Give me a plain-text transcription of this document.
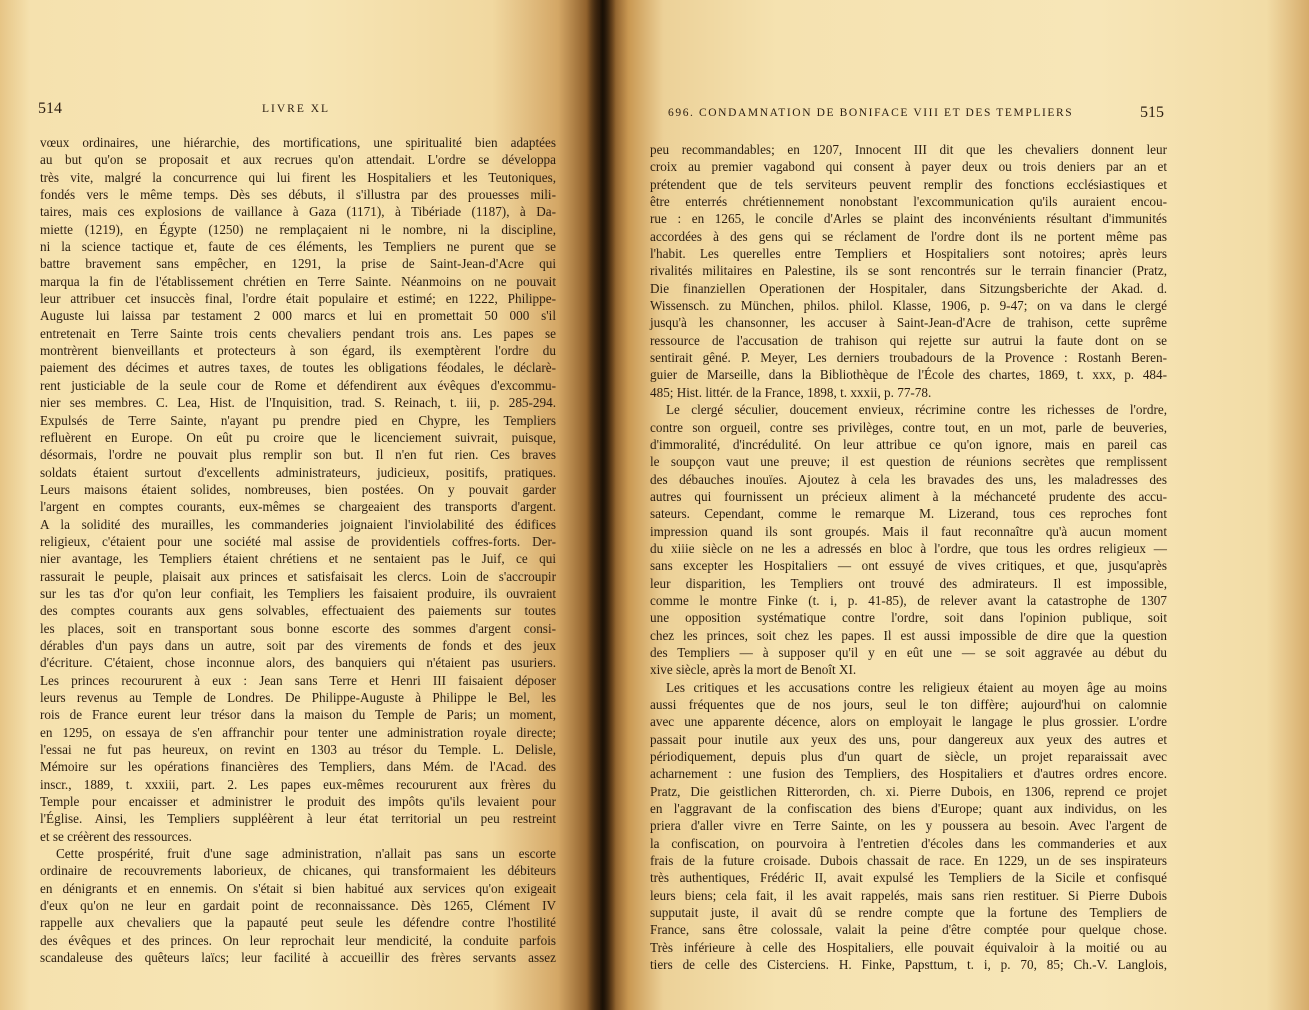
514	LIVRE XL
vœux ordinaires, une hiérarchie, des mortifications, une spiritualité bien adaptées
au but qu'on se proposait et aux recrues qu'on attendait. L'ordre se développa
très vite, malgré la concurrence qui lui firent les Hospitaliers et les Teutoniques,
fondés vers le même temps. Dès ses débuts, il s'illustra par des prouesses mili-
taires, mais ces explosions de vaillance à Gaza (1171), à Tibériade (1187), à Da-
miette (1219), en Égypte (1250) ne remplaçaient ni le nombre, ni la discipline,
ni la science tactique et, faute de ces éléments, les Templiers ne purent que se
battre bravement sans empêcher, en 1291, la prise de Saint-Jean-d'Acre qui
marqua la fin de l'établissement chrétien en Terre Sainte. Néanmoins on ne pouvait
leur attribuer cet insuccès final, l'ordre était populaire et estimé; en 1222, Philippe-
Auguste lui laissa par testament 2 000 marcs et lui en promettait 50 000 s'il
entretenait en Terre Sainte trois cents chevaliers pendant trois ans. Les papes se
montrèrent bienveillants et protecteurs à son égard, ils exemptèrent l'ordre du
paiement des décimes et autres taxes, de toutes les obligations féodales, le déclarè-
rent justiciable de la seule cour de Rome et défendirent aux évêques d'excommu-
nier ses membres. C. Lea, Hist. de l'Inquisition, trad. S. Reinach, t. iii, p. 285-294.
Expulsés de Terre Sainte, n'ayant pu prendre pied en Chypre, les Templiers
refluèrent en Europe. On eût pu croire que le licenciement suivrait, puisque,
désormais, l'ordre ne pouvait plus remplir son but. Il n'en fut rien. Ces braves
soldats étaient surtout d'excellents administrateurs, judicieux, positifs, pratiques.
Leurs maisons étaient solides, nombreuses, bien postées. On y pouvait garder
l'argent en comptes courants, eux-mêmes se chargeaient des transports d'argent.
A la solidité des murailles, les commanderies joignaient l'inviolabilité des édifices
religieux, c'étaient pour une société mal assise de providentiels coffres-forts. Der-
nier avantage, les Templiers étaient chrétiens et ne sentaient pas le Juif, ce qui
rassurait le peuple, plaisait aux princes et satisfaisait les clercs. Loin de s'accroupir
sur les tas d'or qu'on leur confiait, les Templiers les faisaient produire, ils ouvraient
des comptes courants aux gens solvables, effectuaient des paiements sur toutes
les places, soit en transportant sous bonne escorte des sommes d'argent consi-
dérables d'un pays dans un autre, soit par des virements de fonds et des jeux
d'écriture. C'étaient, chose inconnue alors, des banquiers qui n'étaient pas usuriers.
Les princes recoururent à eux : Jean sans Terre et Henri III faisaient déposer
leurs revenus au Temple de Londres. De Philippe-Auguste à Philippe le Bel, les
rois de France eurent leur trésor dans la maison du Temple de Paris; un moment,
en 1295, on essaya de s'en affranchir pour tenter une administration royale directe;
l'essai ne fut pas heureux, on revint en 1303 au trésor du Temple. L. Delisle,
Mémoire sur les opérations financières des Templiers, dans Mém. de l'Acad. des
inscr., 1889, t. xxxiii, part. 2. Les papes eux-mêmes recoururent aux frères du
Temple pour encaisser et administrer le produit des impôts qu'ils levaient pour
l'Église. Ainsi, les Templiers suppléèrent à leur état territorial un peu restreint
et se créèrent des ressources.
Cette prospérité, fruit d'une sage administration, n'allait pas sans un escorte
ordinaire de recouvrements laborieux, de chicanes, qui transformaient les débiteurs
en dénigrants et en ennemis. On s'était si bien habitué aux services qu'on exigeait
d'eux qu'on ne leur en gardait point de reconnaissance. Dès 1265, Clément IV
rappelle aux chevaliers que la papauté peut seule les défendre contre l'hostilité
des évêques et des princes. On leur reprochait leur mendicité, la conduite parfois
scandaleuse des quêteurs laïcs; leur facilité à accueillir des frères servants assez
696. CONDAMNATION DE BONIFACE VIII ET DES TEMPLIERS	515
peu recommandables; en 1207, Innocent III dit que les chevaliers donnent leur
croix au premier vagabond qui consent à payer deux ou trois deniers par an et
prétendent que de tels serviteurs peuvent remplir des fonctions ecclésiastiques et
être enterrés chrétiennement nonobstant l'excommunication qu'ils auraient encou-
rue : en 1265, le concile d'Arles se plaint des inconvénients résultant d'immunités
accordées à des gens qui se réclament de l'ordre dont ils ne portent même pas
l'habit. Les querelles entre Templiers et Hospitaliers sont notoires; après leurs
rivalités militaires en Palestine, ils se sont rencontrés sur le terrain financier (Pratz,
Die finanziellen Operationen der Hospitaler, dans Sitzungsberichte der Akad. d.
Wissensch. zu München, philos. philol. Klasse, 1906, p. 9-47; on va dans le clergé
jusqu'à les chansonner, les accuser à Saint-Jean-d'Acre de trahison, cette suprême
ressource de l'accusation de trahison qui rejette sur autrui la faute dont on se
sentirait gêné. P. Meyer, Les derniers troubadours de la Provence : Rostanh Beren-
guier de Marseille, dans la Bibliothèque de l'École des chartes, 1869, t. xxx, p. 484-
485; Hist. littér. de la France, 1898, t. xxxii, p. 77-78.
Le clergé séculier, doucement envieux, récrimine contre les richesses de l'ordre,
contre son orgueil, contre ses privilèges, contre tout, en un mot, parle de beuveries,
d'immoralité, d'incrédulité. On leur attribue ce qu'on ignore, mais en pareil cas
le soupçon vaut une preuve; il est question de réunions secrètes que remplissent
des débauches inouïes. Ajoutez à cela les bravades des uns, les maladresses des
autres qui fournissent un précieux aliment à la méchanceté prudente des accu-
sateurs. Cependant, comme le remarque M. Lizerand, tous ces reproches font
impression quand ils sont groupés. Mais il faut reconnaître qu'à aucun moment
du xiiie siècle on ne les a adressés en bloc à l'ordre, que tous les ordres religieux —
sans excepter les Hospitaliers — ont essuyé de vives critiques, et que, jusqu'après
leur disparition, les Templiers ont trouvé des admirateurs. Il est impossible,
comme le montre Finke (t. i, p. 41-85), de relever avant la catastrophe de 1307
une opposition systématique contre l'ordre, soit dans l'opinion publique, soit
chez les princes, soit chez les papes. Il est aussi impossible de dire que la question
des Templiers — à supposer qu'il y en eût une — se soit aggravée au début du
xive siècle, après la mort de Benoît XI.
Les critiques et les accusations contre les religieux étaient au moyen âge au moins
aussi fréquentes que de nos jours, seul le ton diffère; aujourd'hui on calomnie
avec une apparente décence, alors on employait le langage le plus grossier. L'ordre
passait pour inutile aux yeux des uns, pour dangereux aux yeux des autres et
périodiquement, depuis plus d'un quart de siècle, un projet reparaissait avec
acharnement : une fusion des Templiers, des Hospitaliers et d'autres ordres encore.
Pratz, Die geistlichen Ritterorden, ch. xi. Pierre Dubois, en 1306, reprend ce projet
en l'aggravant de la confiscation des biens d'Europe; quant aux individus, on les
priera d'aller vivre en Terre Sainte, on les y poussera au besoin. Avec l'argent de
la confiscation, on pourvoira à l'entretien d'écoles dans les commanderies et aux
frais de la future croisade. Dubois chassait de race. En 1229, un de ses inspirateurs
très authentiques, Frédéric II, avait expulsé les Templiers de la Sicile et confisqué
leurs biens; cela fait, il les avait rappelés, mais sans rien restituer. Si Pierre Dubois
supputait juste, il avait dû se rendre compte que la fortune des Templiers de
France, sans être colossale, valait la peine d'être comptée pour quelque chose.
Très inférieure à celle des Hospitaliers, elle pouvait équivaloir à la moitié ou au
tiers de celle des Cisterciens. H. Finke, Papsttum, t. i, p. 70, 85; Ch.-V. Langlois,
